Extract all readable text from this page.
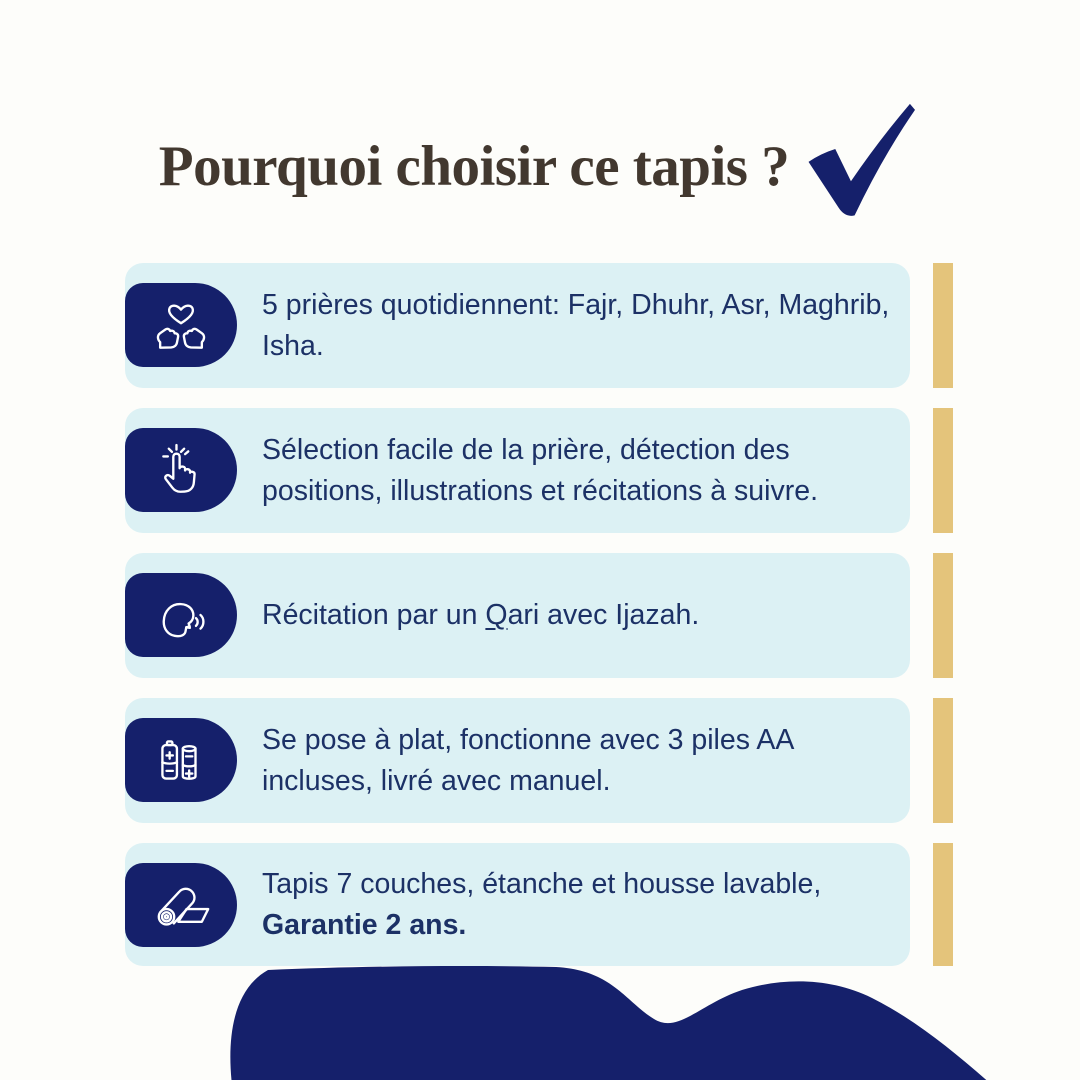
Pourquoi choisir ce tapis ?

5 prières quotidiennent: Fajr, Dhuhr, Asr, Maghrib, Isha.

Sélection facile de la prière, détection des positions, illustrations et récitations à suivre.

Récitation par un Qari avec Ijazah.

Se pose à plat, fonctionne avec 3 piles AA incluses, livré avec manuel.

Tapis 7 couches, étanche et housse lavable,
Garantie 2 ans.
